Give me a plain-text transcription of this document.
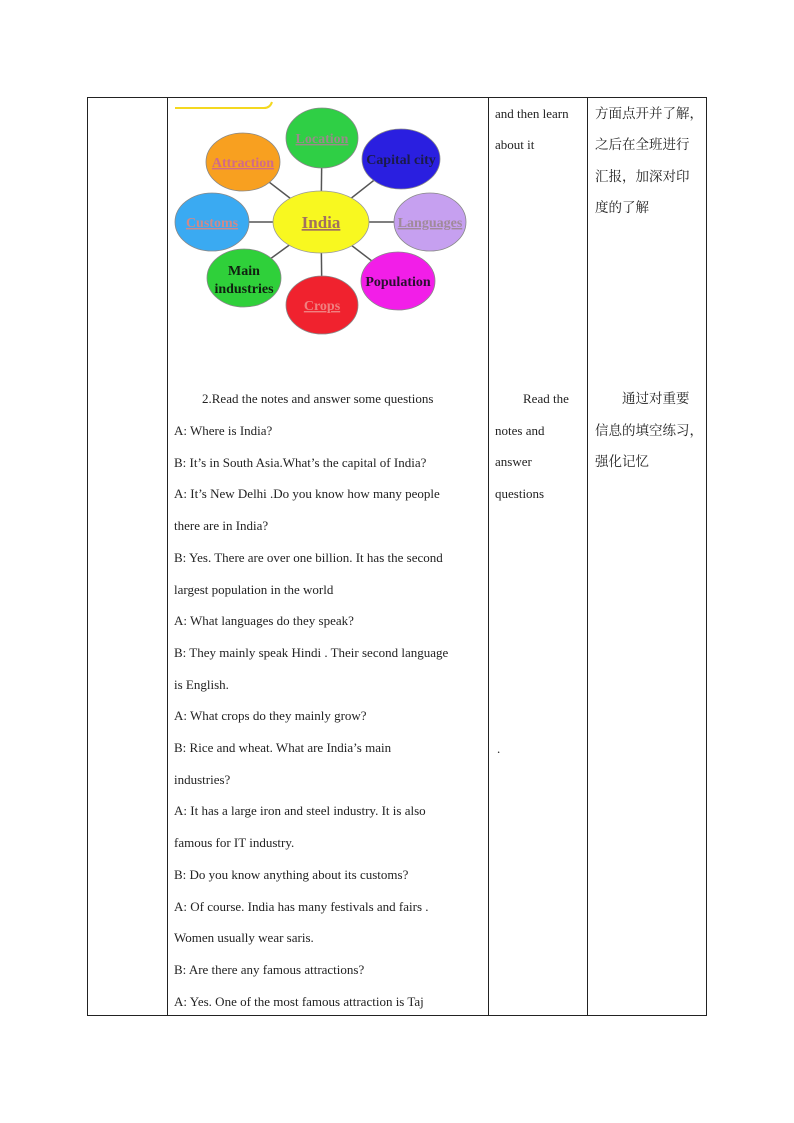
Location
Capital city
Languages
Population
Crops
Main
industries
Customs
Attraction
India
2.Read the notes and answer some questions
A: Where is India?
B: It’s in South Asia.What’s the capital of India?
A: It’s New Delhi .Do you know how many people
there are in India?
B: Yes. There are over one billion. It has the second
largest population in the world
A: What languages do they speak?
B: They mainly speak Hindi . Their second language
is English.
A: What crops do they mainly grow?
B: Rice and wheat. What are India’s main
industries?
A: It has a large iron and steel industry. It is also
famous for IT industry.
B: Do you know anything about its customs?
A: Of course. India has many festivals and fairs .
Women usually wear saris.
B: Are there any famous attractions?
A: Yes. One of the most famous attraction is Taj
and then learn
about it
Read the
notes and
answer
questions
.
方面点开并了解，
之后在全班进行
汇报，加深对印
度的了解
通过对重要
信息的填空练习，
强化记忆
